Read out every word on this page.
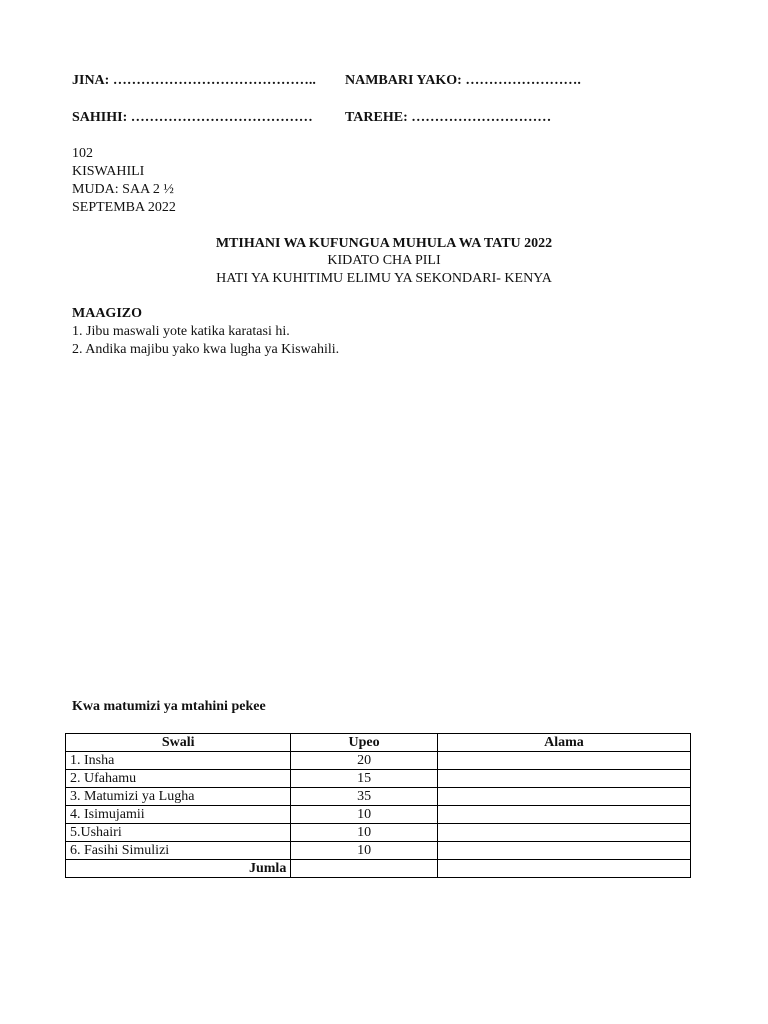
JINA: …………………………………….. NAMBARI YAKO: …………………….
SAHIHI: ………………………………… TAREHE: …………………………
102
KISWAHILI
MUDA: SAA 2 ½
SEPTEMBA 2022
MTIHANI WA KUFUNGUA MUHULA WA TATU 2022
KIDATO CHA PILI
HATI YA KUHITIMU ELIMU YA SEKONDARI- KENYA
MAAGIZO
1. Jibu maswali yote katika karatasi hi.
2. Andika majibu yako kwa lugha ya Kiswahili.
Kwa matumizi ya mtahini pekee
Swali	Upeo	Alama
1. Insha	20	
2. Ufahamu	15	
3. Matumizi ya Lugha	35	
4. Isimujamii	10	
5.Ushairi	10	
6. Fasihi Simulizi	10	
Jumla		
